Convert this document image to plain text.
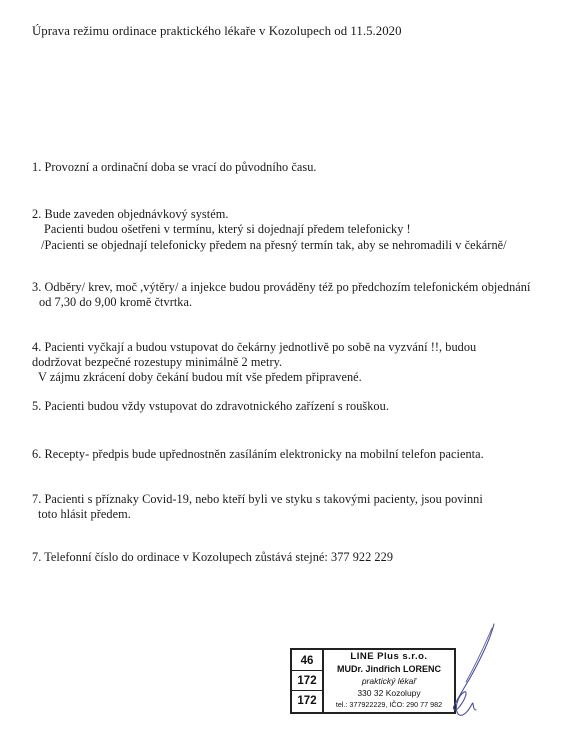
Úprava režimu ordinace praktického lékaře v Kozolupech od 11.5.2020
1. Provozní a ordinační doba se vrací do původního času.
2. Bude zaveden objednávkový systém.
Pacienti budou ošetřeni v termínu, který si dojednají předem telefonicky !
/Pacienti se objednají telefonicky předem na přesný termín tak, aby se nehromadili v čekárně/
3. Odběry/ krev, moč ,výtěry/ a injekce budou prováděny též po předchozím telefonickém objednání
od 7,30 do 9,00 kromě čtvrtka.
4. Pacienti vyčkají a budou vstupovat do čekárny jednotlivě po sobě na vyzvání !!, budou
dodržovat bezpečné rozestupy minimálně 2 metry.
V zájmu zkrácení doby čekání budou mít vše předem připravené.
5. Pacienti budou vždy vstupovat do zdravotnického zařízení s roušk​ou.
6. Recepty- předpis bude upřednostněn zasíláním elektronicky na mobilní telefon pacienta.
7. Pacienti s příznaky Covid-19, nebo kteří byli ve styku s takovými pacienty, jsou povinni
toto hlásit předem.
7. Telefonní číslo do ordinace v Kozolupech zůstává stejné: 377 922 229
46
172
172
LINE Plus s.r.o.
MUDr. Jindřich LORENC
praktický lékař
330 32 Kozolupy
tel.: 377922229, IČO: 290 77 982
